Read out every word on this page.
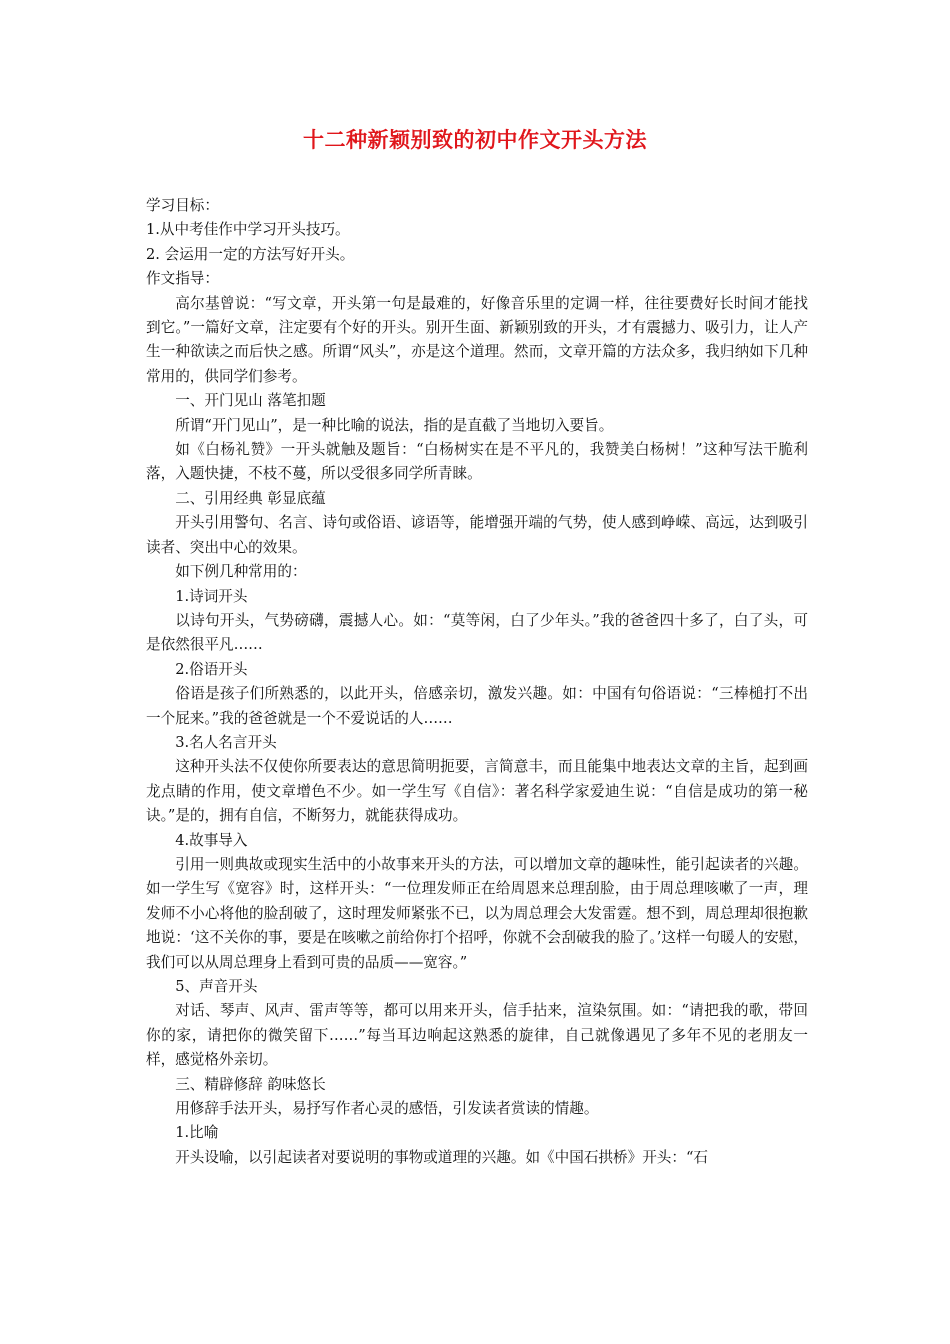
十二种新颖别致的初中作文开头方法

学习目标：

1.从中考佳作中学习开头技巧。

2. 会运用一定的方法写好开头。

作文指导：

高尔基曾说：“写文章，开头第一句是最难的，好像音乐里的定调一样，往往要费好长时间才能找到它。”一篇好文章，注定要有个好的开头。别开生面、新颖别致的开头，才有震撼力、吸引力，让人产生一种欲读之而后快之感。所谓“风头”，亦是这个道理。然而，文章开篇的方法众多，我归纳如下几种常用的，供同学们参考。

一、开门见山 落笔扣题

所谓“开门见山”，是一种比喻的说法，指的是直截了当地切入要旨。

如《白杨礼赞》一开头就触及题旨：“白杨树实在是不平凡的，我赞美白杨树！”这种写法干脆利落，入题快捷，不枝不蔓，所以受很多同学所青睐。

二、引用经典 彰显底蕴

开头引用警句、名言、诗句或俗语、谚语等，能增强开端的气势，使人感到峥嵘、高远，达到吸引读者、突出中心的效果。

如下例几种常用的：

1.诗词开头

以诗句开头，气势磅礴，震撼人心。如：“莫等闲，白了少年头。”我的爸爸四十多了，白了头，可是依然很平凡……

2.俗语开头

俗语是孩子们所熟悉的，以此开头，倍感亲切，激发兴趣。如：中国有句俗语说：“三棒槌打不出一个屁来。”我的爸爸就是一个不爱说话的人……

3.名人名言开头

这种开头法不仅使你所要表达的意思简明扼要，言简意丰，而且能集中地表达文章的主旨，起到画龙点睛的作用，使文章增色不少。如一学生写《自信》：著名科学家爱迪生说：“自信是成功的第一秘诀。”是的，拥有自信，不断努力，就能获得成功。

4.故事导入

引用一则典故或现实生活中的小故事来开头的方法，可以增加文章的趣味性，能引起读者的兴趣。如一学生写《宽容》时，这样开头：“一位理发师正在给周恩来总理刮脸，由于周总理咳嗽了一声，理发师不小心将他的脸刮破了，这时理发师紧张不已，以为周总理会大发雷霆。想不到，周总理却很抱歉地说：‘这不关你的事，要是在咳嗽之前给你打个招呼，你就不会刮破我的脸了。’这样一句暖人的安慰，我们可以从周总理身上看到可贵的品质——宽容。”

5、声音开头

对话、琴声、风声、雷声等等，都可以用来开头，信手拈来，渲染氛围。如：“请把我的歌，带回你的家，请把你的微笑留下……”每当耳边响起这熟悉的旋律，自己就像遇见了多年不见的老朋友一样，感觉格外亲切。

三、精辟修辞 韵味悠长

用修辞手法开头，易抒写作者心灵的感悟，引发读者赏读的情趣。

1.比喻

开头设喻，以引起读者对要说明的事物或道理的兴趣。如《中国石拱桥》开头：“石
